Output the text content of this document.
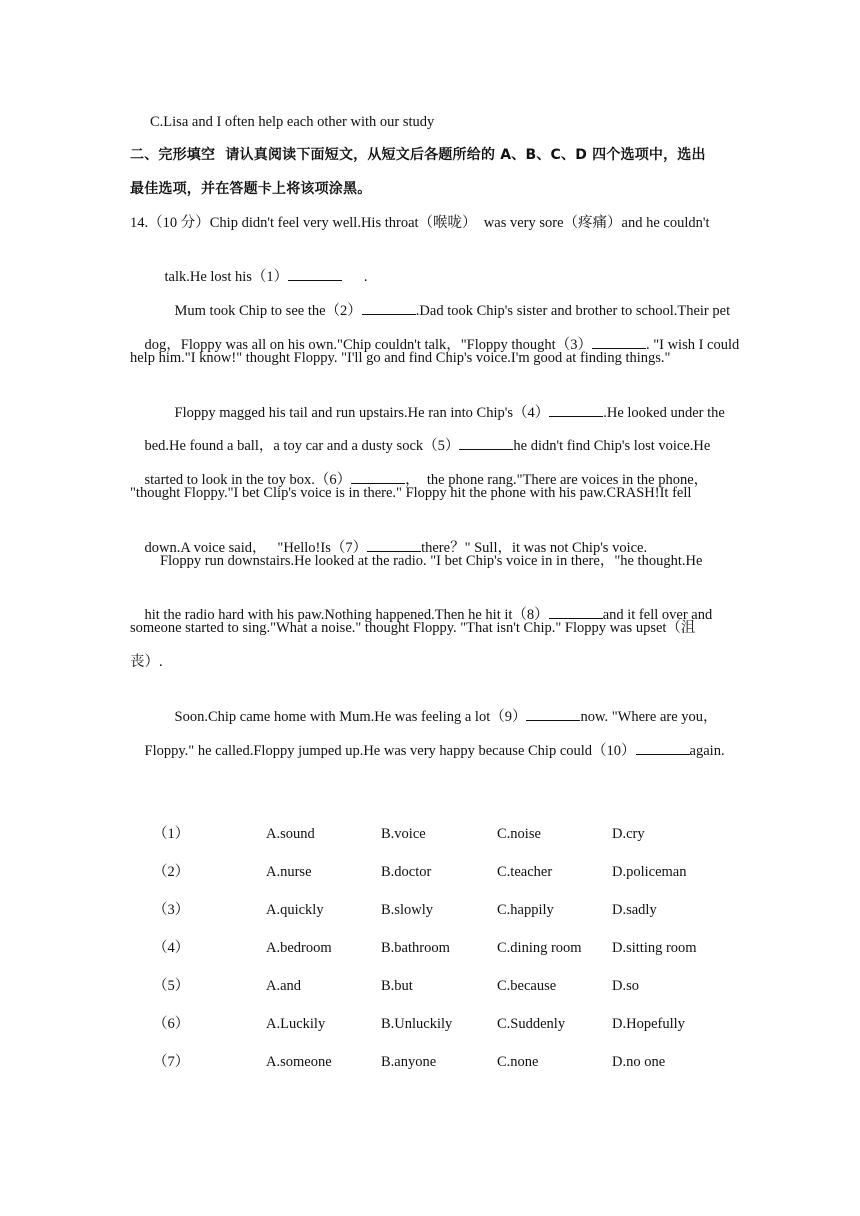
C.Lisa and I often help each other with our study
二、完形填空  请认真阅读下面短文，从短文后各题所给的 A、B、C、D 四个选项中，选出
最佳选项，并在答题卡上将该项涂黑。
14.（10 分）Chip didn't feel very well.His throat（喉咙）  was very sore（疼痛）and he couldn't

talk.He lost his（1）	.

Mum took Chip to see the（2）	.Dad took Chip's sister and brother to school.Their pet

dog，Floppy was all on his own."Chip couldn't talk，"Floppy thought（3）	. "I wish I could

help him."I know!" thought Floppy. "I'll go and find Chip's voice.I'm good at finding things."

Floppy magged his tail and run upstairs.He ran into Chip's（4）	.He looked under the

bed.He found a ball，a toy car and a dusty sock（5）	he didn't find Chip's lost voice.He

started to look in the toy box.（6）	，  the phone rang."There are voices in the phone，

"thought Floppy."I bet Clip's voice is in there." Floppy hit the phone with his paw.CRASH!It fell

down.A voice said，   "Hello!Is（7）	there？" Sull，it was not Chip's voice.

Floppy run downstairs.He looked at the radio. "I bet Chip's voice in in there，"he thought.He

hit the radio hard with his paw.Nothing happened.Then he hit it（8）	and it fell over and

someone started to sing."What a noise." thought Floppy. "That isn't Chip." Floppy was upset（沮
丧）.

Soon.Chip came home with Mum.He was feeling a lot（9）	now. "Where are you，

Floppy." he called.Floppy jumped up.He was very happy because Chip could（10）	again.

（1）	A.sound	B.voice	C.noise	D.cry
（2）	A.nurse	B.doctor	C.teacher	D.policeman
（3）	A.quickly	B.slowly	C.happily	D.sadly
（4）	A.bedroom	B.bathroom	C.dining room D.sitting room
（5）	A.and	B.but	C.because	D.so
（6）	A.Luckily	B.Unluckily	C.Suddenly	D.Hopefully
（7）	A.someone	B.anyone	C.none	D.no one
